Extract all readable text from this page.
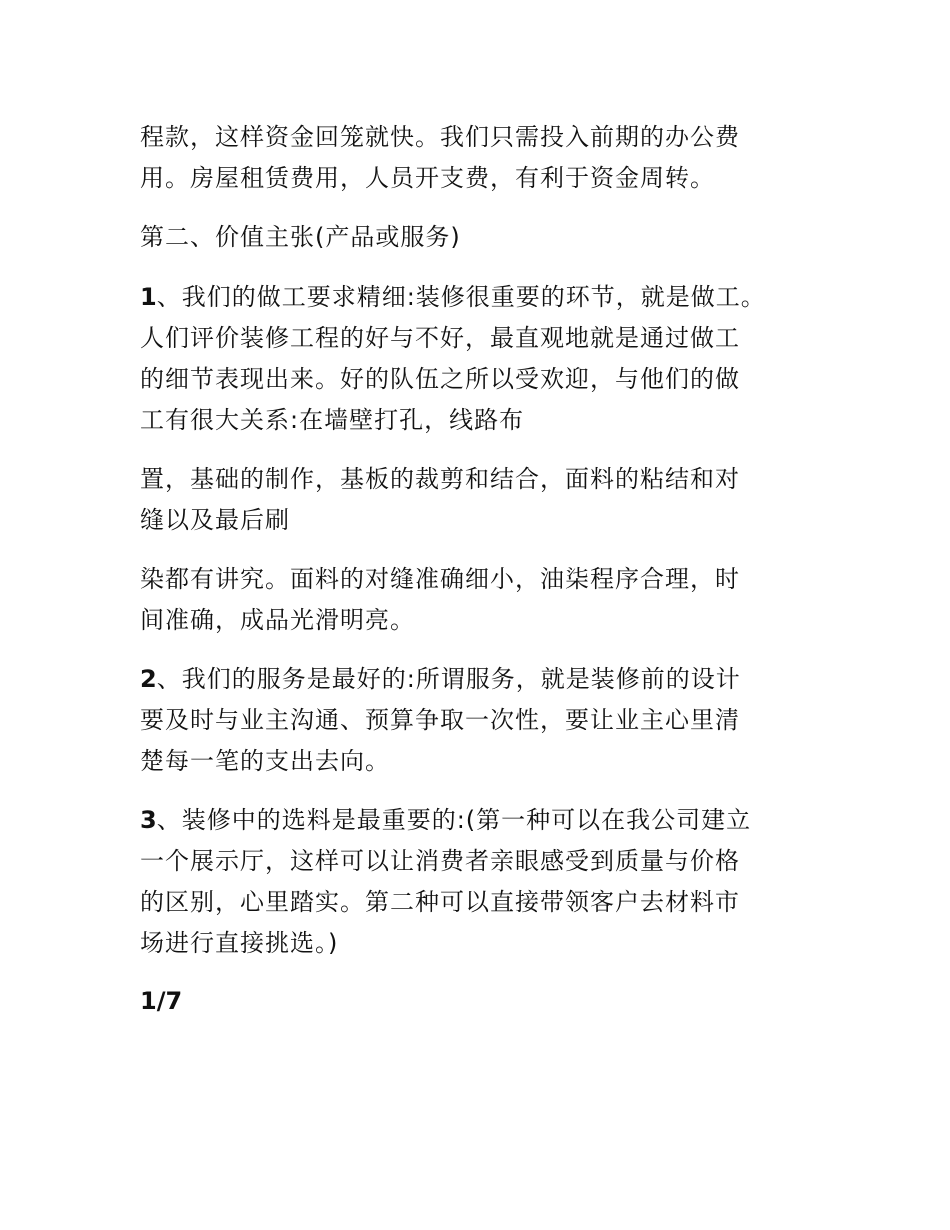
程款，这样资金回笼就快。我们只需投入前期的办公费
用。房屋租赁费用，人员开支费，有利于资金周转。
第二、价值主张(产品或服务)
1、我们的做工要求精细:装修很重要的环节，就是做工。
人们评价装修工程的好与不好，最直观地就是通过做工
的细节表现出来。好的队伍之所以受欢迎，与他们的做
工有很大关系:在墙壁打孔，线路布
置，基础的制作，基板的裁剪和结合，面料的粘结和对
缝以及最后刷
染都有讲究。面料的对缝准确细小，油柒程序合理，时
间准确，成品光滑明亮。
2、我们的服务是最好的:所谓服务，就是装修前的设计
要及时与业主沟通、预算争取一次性，要让业主心里清
楚每一笔的支出去向。
3、装修中的选料是最重要的:(第一种可以在我公司建立
一个展示厅，这样可以让消费者亲眼感受到质量与价格
的区别，心里踏实。第二种可以直接带领客户去材料市
场进行直接挑选。)
1/7
